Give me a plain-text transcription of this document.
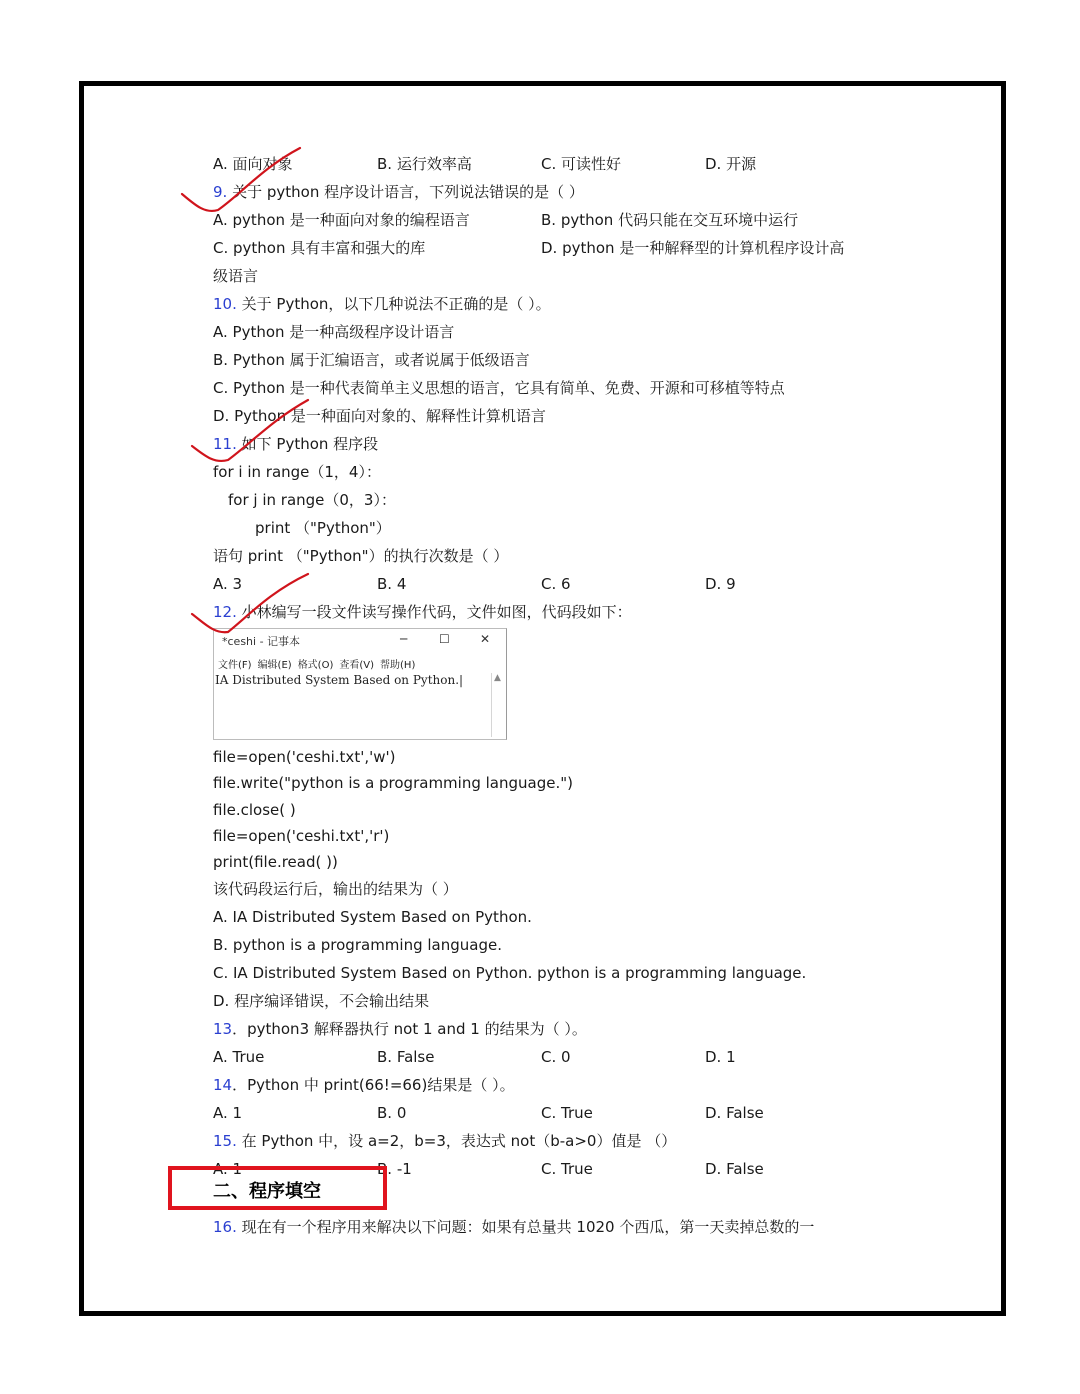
A. 面向对象	B. 运行效率高	C. 可读性好	D. 开源
9. 关于 python 程序设计语言，下列说法错误的是（ ）
A. python 是一种面向对象的编程语言	B. python 代码只能在交互环境中运行
C. python 具有丰富和强大的库	D. python 是一种解释型的计算机程序设计高
级语言
10. 关于 Python，以下几种说法不正确的是（ ）。
A. Python 是一种高级程序设计语言
B. Python 属于汇编语言，或者说属于低级语言
C. Python 是一种代表简单主义思想的语言，它具有简单、免费、开源和可移植等特点
D. Python 是一种面向对象的、解释性计算机语言
11. 如下 Python 程序段
for i in range（1，4）：
for j in range（0，3）：
print （"Python"）
语句 print （"Python"）的执行次数是（ ）
A. 3	B. 4	C. 6	D. 9
12. 小林编写一段文件读写操作代码，文件如图，代码段如下：
*ceshi - 记事本	─	☐	✕
文件(F) 编辑(E) 格式(O) 查看(V) 帮助(H)
IA Distributed System Based on Python.|	▲
file=open('ceshi.txt','w')
file.write("python is a programming language.")
file.close( )
file=open('ceshi.txt','r')
print(file.read( ))
该代码段运行后，输出的结果为（ ）
A. IA Distributed System Based on Python.
B. python is a programming language.
C. IA Distributed System Based on Python. python is a programming language.
D. 程序编译错误，不会输出结果
13．python3 解释器执行 not 1 and 1 的结果为（ ）。
A. True	B. False	C. 0	D. 1
14．Python 中 print(66!=66)结果是（ ）。
A. 1	B. 0	C. True	D. False
15. 在 Python 中，设 a=2，b=3，表达式 not（b-a>0）值是 （）
A. 1	B. -1	C. True	D. False
二、程序填空
16. 现在有一个程序用来解决以下问题：如果有总量共 1020 个西瓜，第一天卖掉总数的一
